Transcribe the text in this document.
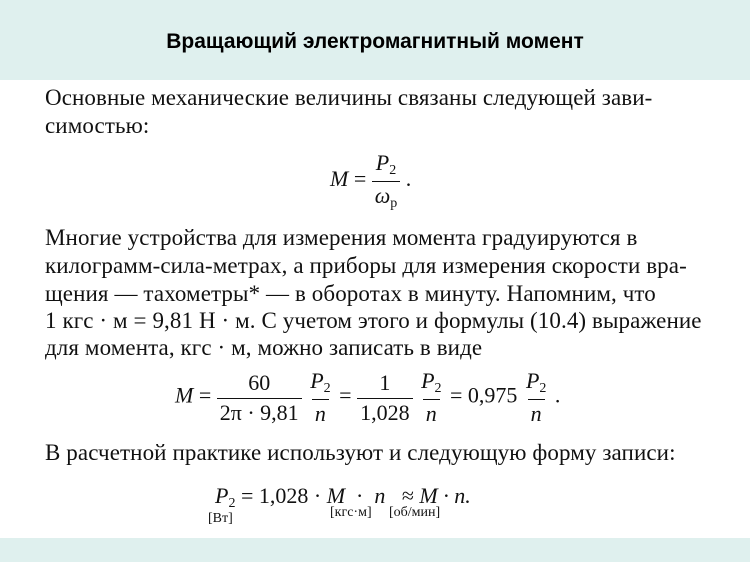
Вращающий электромагнитный момент
Основные механические величины связаны следующей зави-
симостью:
$M = \frac{P_2}{\omega_р}$ .
Многие устройства для измерения момента градуируются в
килограмм-сила-метрах, а приборы для измерения скорости вра-
щения — тахометры* — в оборотах в минуту. Напомним, что
1 кгс · м = 9,81 Н · м. С учетом этого и формулы (10.4) выражение
для момента, кгс · м, можно записать в виде
$M = \frac{60}{2\pi \cdot 9,81}$
$\frac{P_2}{n} = \frac{1}{1,028}$
$\frac{P_2}{n} = 0,975 \frac{P_2}{n}$ .
В расчетной практике используют и следующую форму записи:
$P_2 = 1,028 \cdot M \cdot n \approx M \cdot n$.
[Вт]	[кгс·м] [об/мин]
